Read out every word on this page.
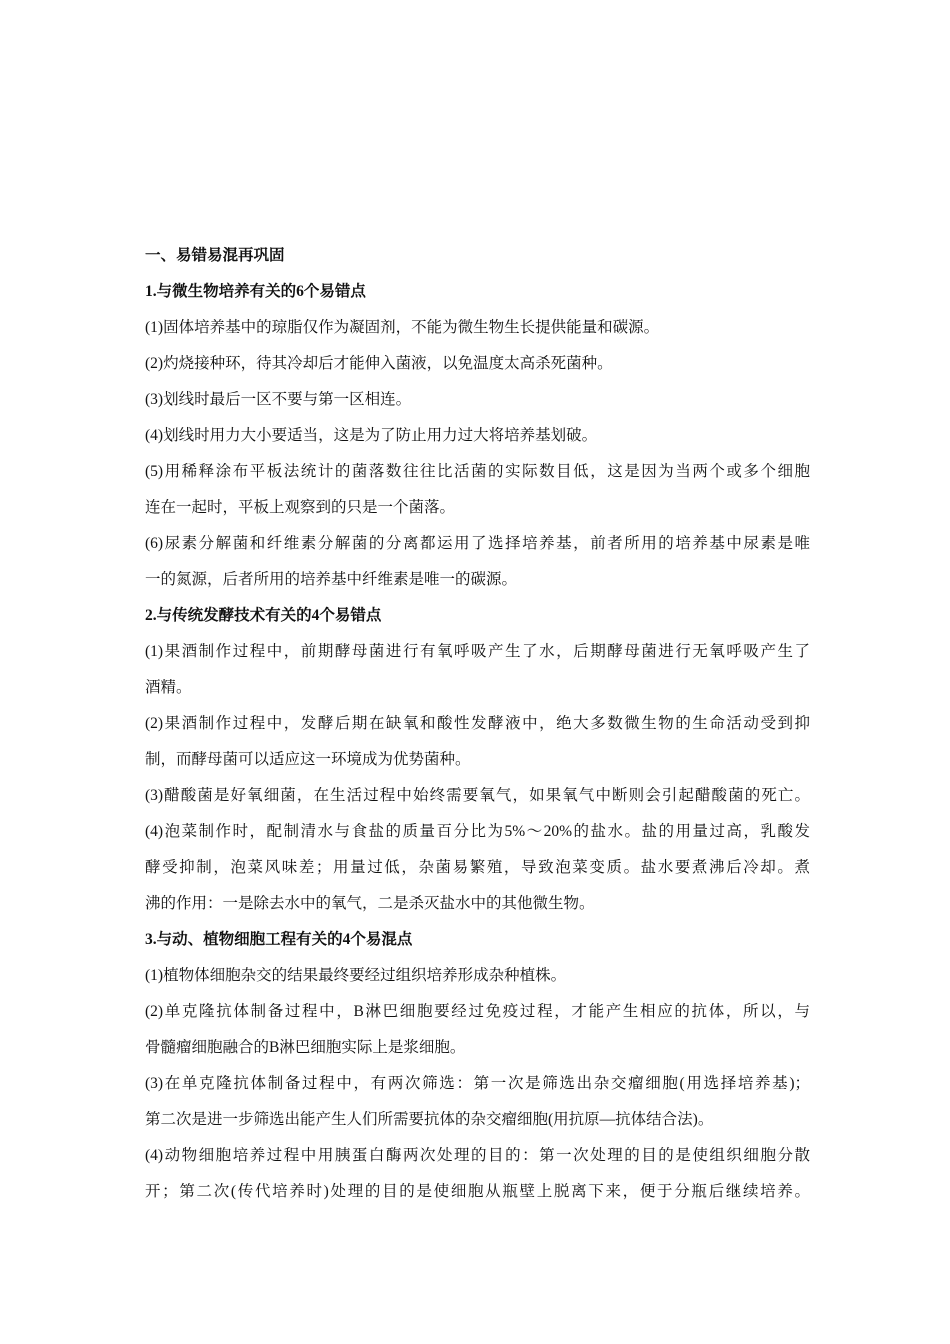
一、易错易混再巩固

1.与微生物培养有关的6个易错点

(1)固体培养基中的琼脂仅作为凝固剂，不能为微生物生长提供能量和碳源。

(2)灼烧接种环，待其冷却后才能伸入菌液，以免温度太高杀死菌种。

(3)划线时最后一区不要与第一区相连。

(4)划线时用力大小要适当，这是为了防止用力过大将培养基划破。

(5)用稀释涂布平板法统计的菌落数往往比活菌的实际数目低，这是因为当两个或多个细胞

连在一起时，平板上观察到的只是一个菌落。

(6)尿素分解菌和纤维素分解菌的分离都运用了选择培养基，前者所用的培养基中尿素是唯

一的氮源，后者所用的培养基中纤维素是唯一的碳源。

2.与传统发酵技术有关的4个易错点

(1)果酒制作过程中，前期酵母菌进行有氧呼吸产生了水，后期酵母菌进行无氧呼吸产生了

酒精。

(2)果酒制作过程中，发酵后期在缺氧和酸性发酵液中，绝大多数微生物的生命活动受到抑

制，而酵母菌可以适应这一环境成为优势菌种。

(3)醋酸菌是好氧细菌，在生活过程中始终需要氧气，如果氧气中断则会引起醋酸菌的死亡。

(4)泡菜制作时，配制清水与食盐的质量百分比为5%～20%的盐水。盐的用量过高，乳酸发

酵受抑制，泡菜风味差；用量过低，杂菌易繁殖，导致泡菜变质。盐水要煮沸后冷却。煮

沸的作用：一是除去水中的氧气，二是杀灭盐水中的其他微生物。

3.与动、植物细胞工程有关的4个易混点

(1)植物体细胞杂交的结果最终要经过组织培养形成杂种植株。

(2)单克隆抗体制备过程中，B淋巴细胞要经过免疫过程，才能产生相应的抗体，所以，与

骨髓瘤细胞融合的B淋巴细胞实际上是浆细胞。

(3)在单克隆抗体制备过程中，有两次筛选：第一次是筛选出杂交瘤细胞(用选择培养基)；

第二次是进一步筛选出能产生人们所需要抗体的杂交瘤细胞(用抗原—抗体结合法)。

(4)动物细胞培养过程中用胰蛋白酶两次处理的目的：第一次处理的目的是使组织细胞分散

开；第二次(传代培养时)处理的目的是使细胞从瓶壁上脱离下来，便于分瓶后继续培养。
